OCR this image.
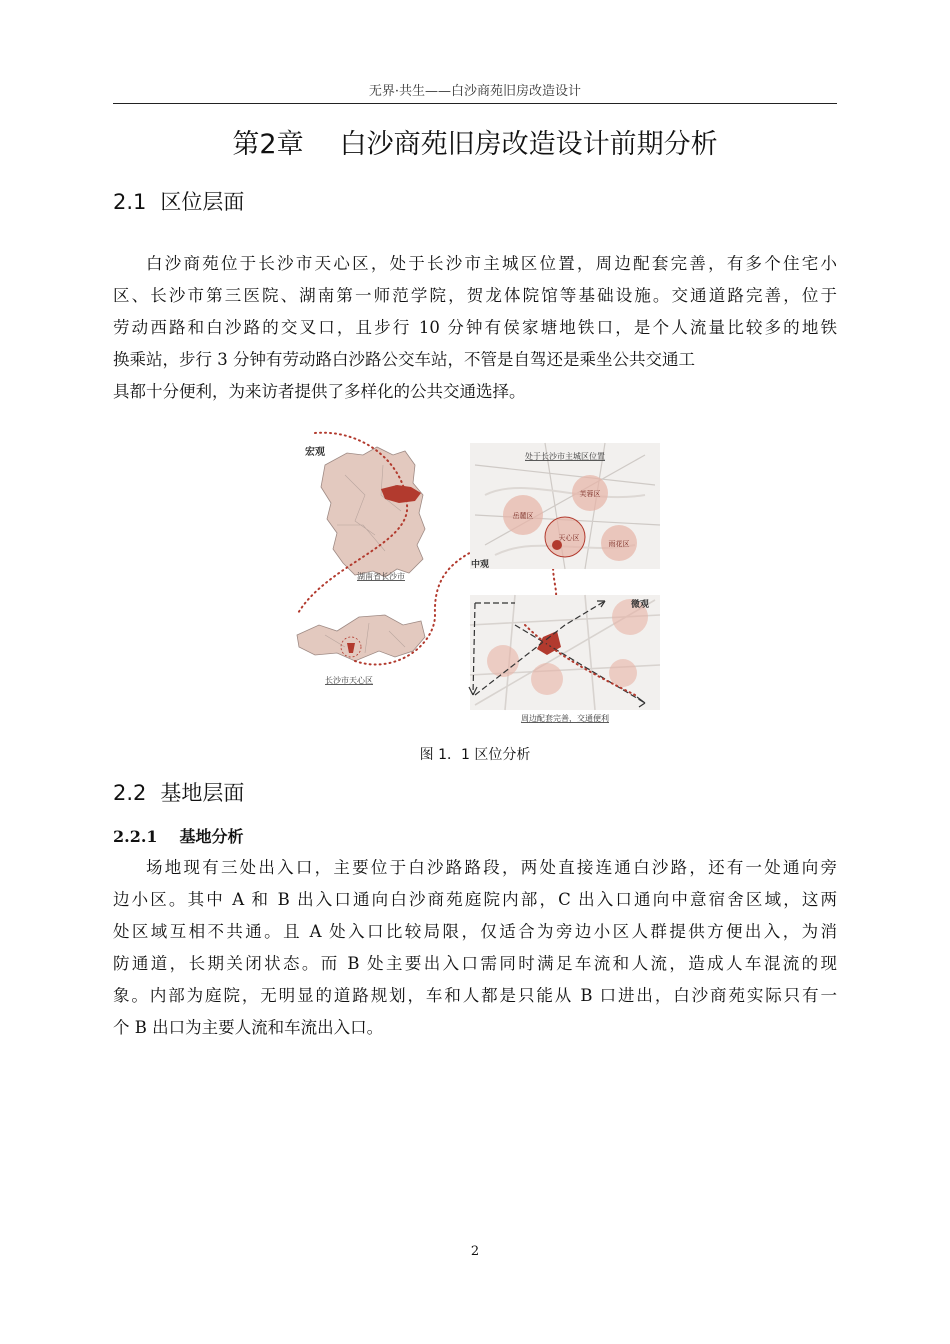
无界·共生——白沙商苑旧房改造设计
第2章 白沙商苑旧房改造设计前期分析
2.1 区位层面
白沙商苑位于长沙市天心区，处于长沙市主城区位置，周边配套完善，有多个住宅小
区、长沙市第三医院、湖南第一师范学院，贺龙体院馆等基础设施。交通道路完善，位于
劳动西路和白沙路的交叉口，且步行 10 分钟有侯家塘地铁口，是个人流量比较多的地铁
换乘站，步行 3 分钟有劳动路白沙路公交车站，不管是自驾还是乘坐公共交通工
具都十分便利，为来访者提供了多样化的公共交通选择。
宏观
湖南省长沙市
长沙市天心区
处于长沙市主城区位置
芙蓉区
岳麓区
天心区
雨花区
中观
微观
周边配套完善，交通便利
图 1．1 区位分析
2.2 基地层面
2.2.1 基地分析
场地现有三处出入口，主要位于白沙路路段，两处直接连通白沙路，还有一处通向旁
边小区。其中 A 和 B 出入口通向白沙商苑庭院内部，C 出入口通向中意宿舍区域，这两
处区域互相不共通。且 A 处入口比较局限，仅适合为旁边小区人群提供方便出入，为消
防通道，长期关闭状态。而 B 处主要出入口需同时满足车流和人流，造成人车混流的现
象。内部为庭院，无明显的道路规划，车和人都是只能从 B 口进出，白沙商苑实际只有一
个 B 出口为主要人流和车流出入口。
2
